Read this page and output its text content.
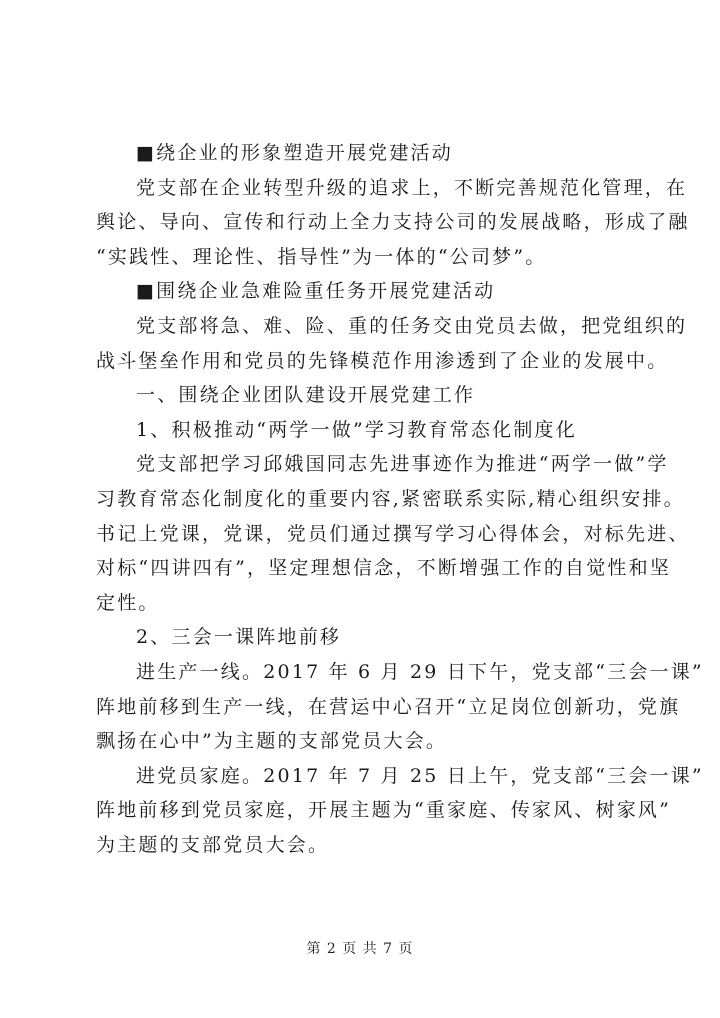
■绕企业的形象塑造开展党建活动
党支部在企业转型升级的追求上，不断完善规范化管理，在
舆论、导向、宣传和行动上全力支持公司的发展战略，形成了融
“实践性、理论性、指导性”为一体的“公司梦”。
■围绕企业急难险重任务开展党建活动
党支部将急、难、险、重的任务交由党员去做，把党组织的
战斗堡垒作用和党员的先锋模范作用渗透到了企业的发展中。
一、围绕企业团队建设开展党建工作
1、积极推动“两学一做”学习教育常态化制度化
党支部把学习邱娥国同志先进事迹作为推进“两学一做”学
习教育常态化制度化的重要内容,紧密联系实际,精心组织安排。
书记上党课，党课，党员们通过撰写学习心得体会，对标先进、
对标“四讲四有”，坚定理想信念，不断增强工作的自觉性和坚
定性。
2、三会一课阵地前移
进生产一线。2017 年 6 月 29 日下午，党支部“三会一课”
阵地前移到生产一线，在营运中心召开“立足岗位创新功，党旗
飘扬在心中”为主题的支部党员大会。
进党员家庭。2017 年 7 月 25 日上午，党支部“三会一课”
阵地前移到党员家庭，开展主题为“重家庭、传家风、树家风”
为主题的支部党员大会。
第 2 页 共 7 页
